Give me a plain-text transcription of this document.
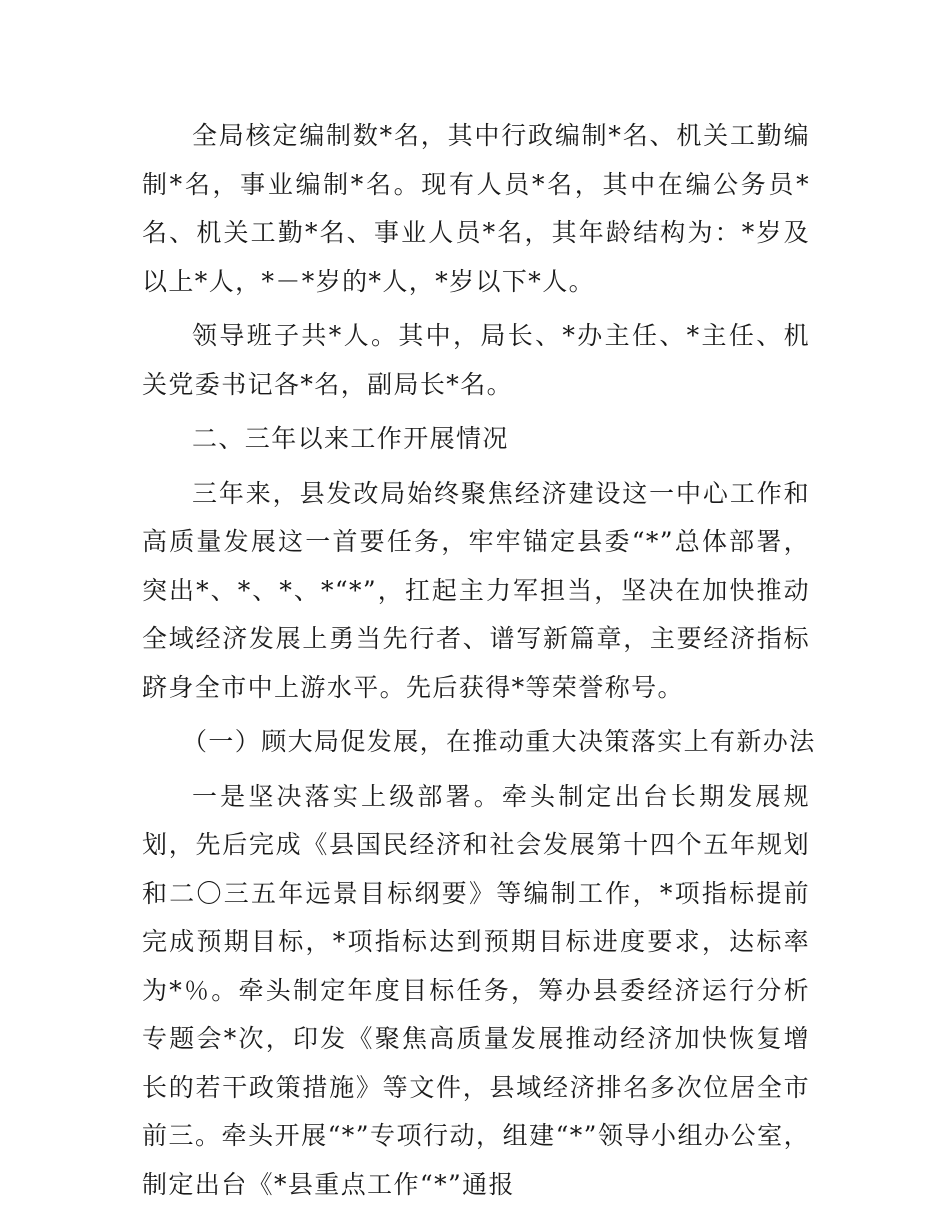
全局核定编制数*名，其中行政编制*名、机关工勤编制*名，事业编制*名。现有人员*名，其中在编公务员*名、机关工勤*名、事业人员*名，其年龄结构为：*岁及以上*人，*－*岁的*人，*岁以下*人。

领导班子共*人。其中，局长、*办主任、*主任、机关党委书记各*名，副局长*名。

二、三年以来工作开展情况

三年来，县发改局始终聚焦经济建设这一中心工作和高质量发展这一首要任务，牢牢锚定县委“*”总体部署，突出*、*、*、*“*”，扛起主力军担当，坚决在加快推动全域经济发展上勇当先行者、谱写新篇章，主要经济指标跻身全市中上游水平。先后获得*等荣誉称号。

（一）顾大局促发展，在推动重大决策落实上有新办法

一是坚决落实上级部署。牵头制定出台长期发展规划，先后完成《县国民经济和社会发展第十四个五年规划和二〇三五年远景目标纲要》等编制工作，*项指标提前完成预期目标，*项指标达到预期目标进度要求，达标率为*％。牵头制定年度目标任务，筹办县委经济运行分析专题会*次，印发《聚焦高质量发展推动经济加快恢复增长的若干政策措施》等文件，县域经济排名多次位居全市前三。牵头开展“*”专项行动，组建“*”领导小组办公室，制定出台《*县重点工作“*”通报
